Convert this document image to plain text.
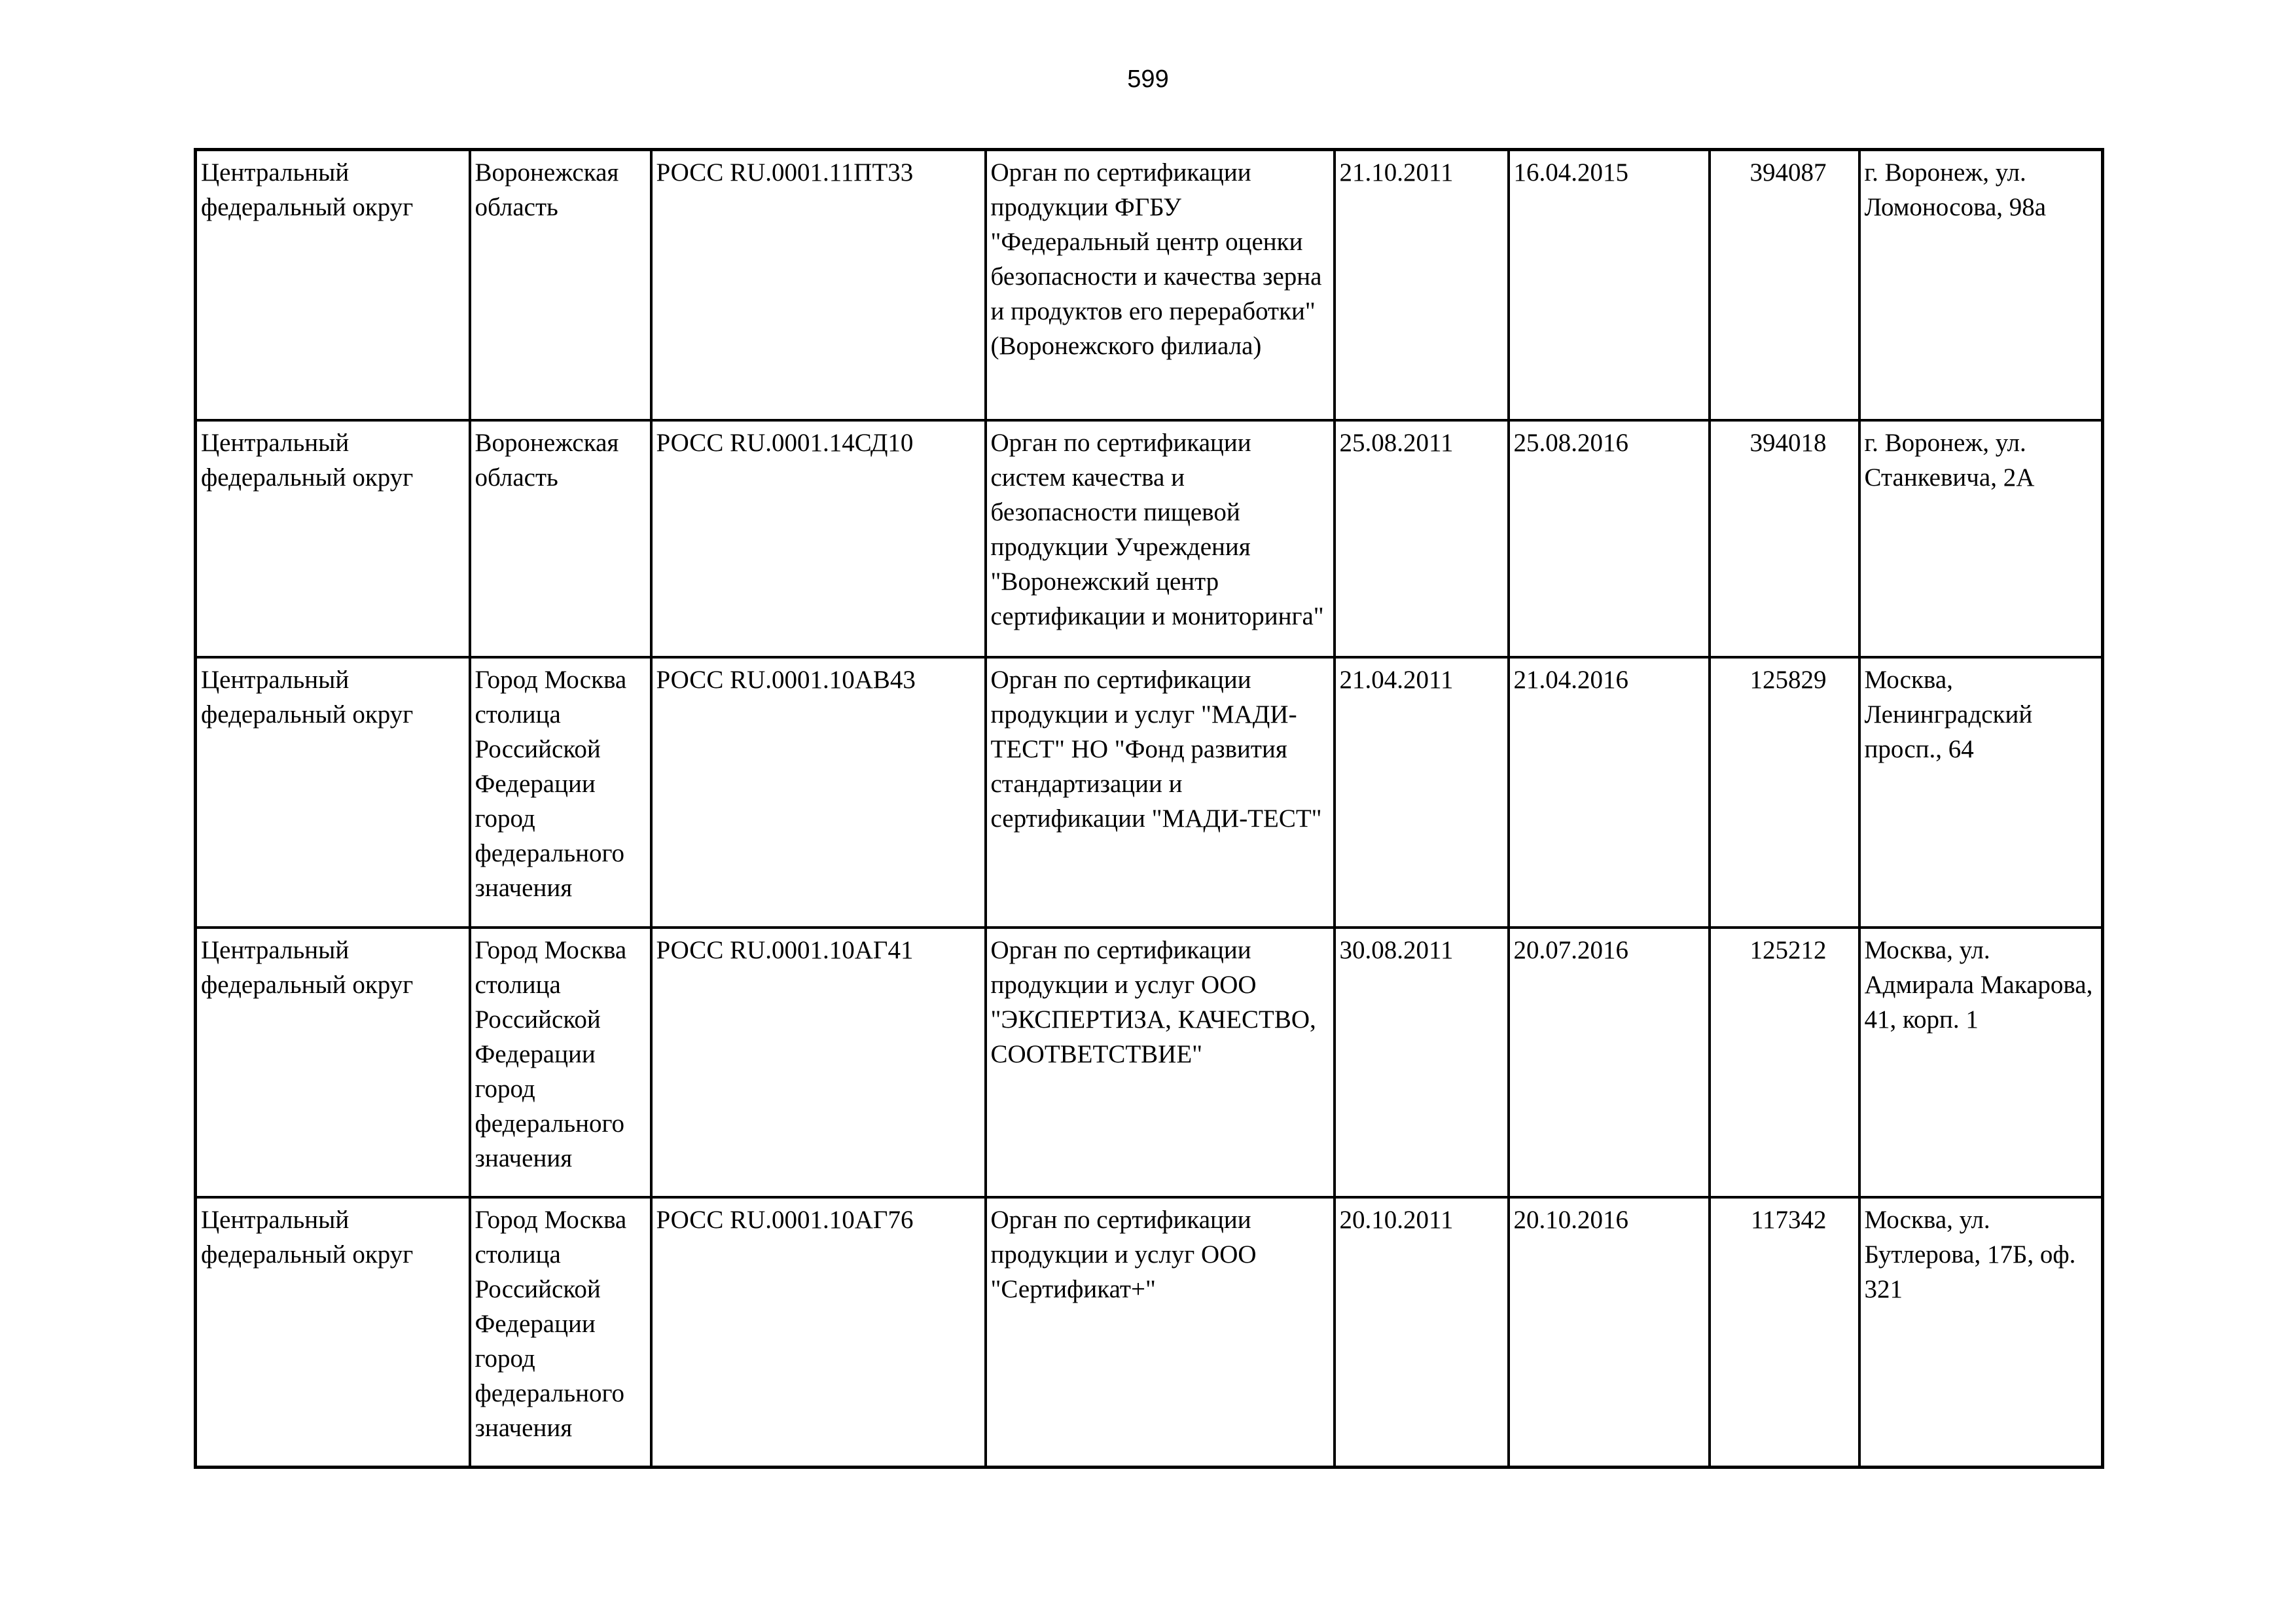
599
Центральный федеральный округ	Воронежская область	РОСС RU.0001.11ПТ33	Орган по сертификации продукции ФГБУ "Федеральный центр оценки безопасности и качества зерна и продуктов его переработки" (Воронежского филиала)	21.10.2011	16.04.2015	394087	г. Воронеж, ул. Ломоносова, 98а

Центральный федеральный округ	Воронежская область	РОСС RU.0001.14СД10	Орган по сертификации систем качества и безопасности пищевой продукции Учреждения "Воронежский центр сертификации и мониторинга"	25.08.2011	25.08.2016	394018	г. Воронеж, ул. Станкевича, 2А

Центральный федеральный округ	Город Москва столица Российской Федерации город федерального значения	РОСС RU.0001.10АВ43	Орган по сертификации продукции и услуг "МАДИ-ТЕСТ" НО "Фонд развития стандартизации и сертификации "МАДИ-ТЕСТ"	21.04.2011	21.04.2016	125829	Москва, Ленинградский просп., 64

Центральный федеральный округ	Город Москва столица Российской Федерации город федерального значения	РОСС RU.0001.10АГ41	Орган по сертификации продукции и услуг ООО "ЭКСПЕРТИЗА, КАЧЕСТВО, СООТВЕТСТВИЕ"	30.08.2011	20.07.2016	125212	Москва, ул. Адмирала Макарова, 41, корп. 1

Центральный федеральный округ	Город Москва столица Российской Федерации город федерального значения	РОСС RU.0001.10АГ76	Орган по сертификации продукции и услуг ООО "Сертификат+"	20.10.2011	20.10.2016	117342	Москва, ул. Бутлерова, 17Б, оф. 321
